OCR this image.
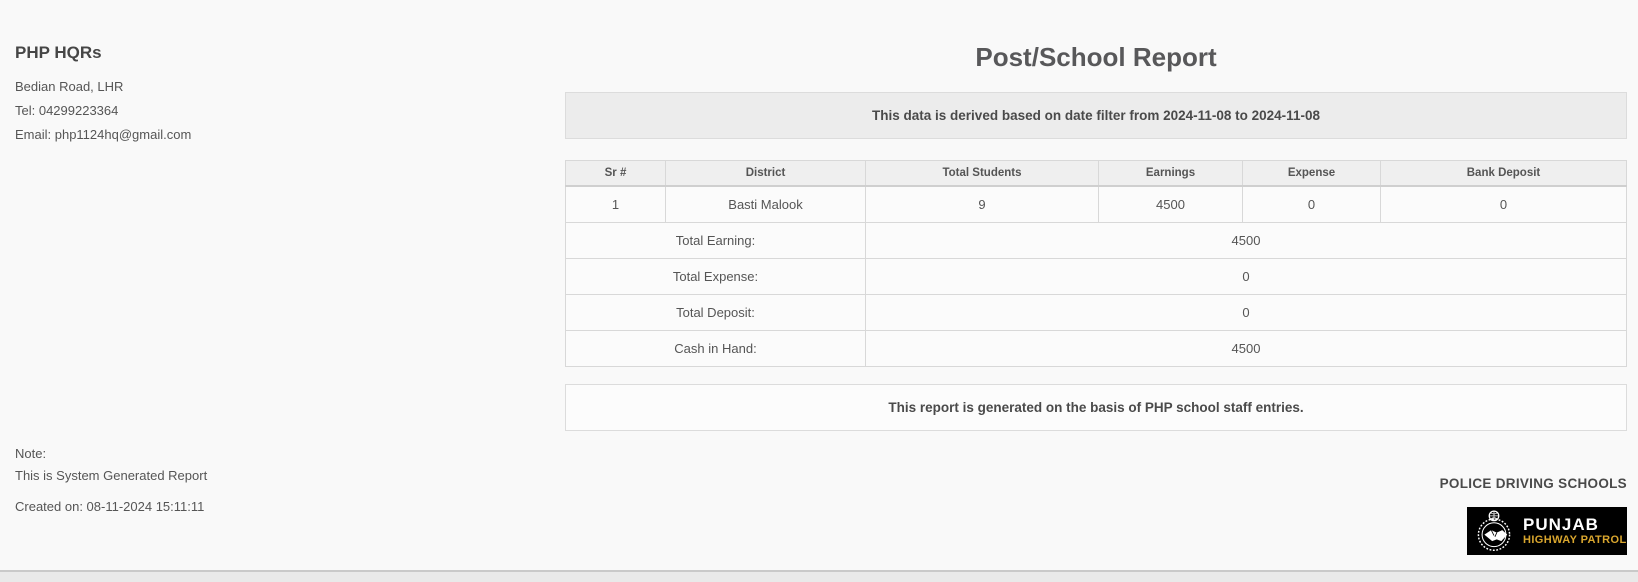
PHP HQRs
Bedian Road, LHR
Tel: 04299223364
Email: php1124hq@gmail.com
Post/School Report
This data is derived based on date filter from 2024-11-08 to 2024-11-08
Sr #	District	Total Students	Earnings	Expense	Bank Deposit
1	Basti Malook	9	4500	0	0
Total Earning:		4500			
Total Expense:		0			
Total Deposit:		0			
Cash in Hand:		4500			
This report is generated on the basis of PHP school staff entries.
Note:
This is System Generated Report
Created on: 08-11-2024 15:11:11
POLICE DRIVING SCHOOLS
PUNJAB
HIGHWAY PATROL
